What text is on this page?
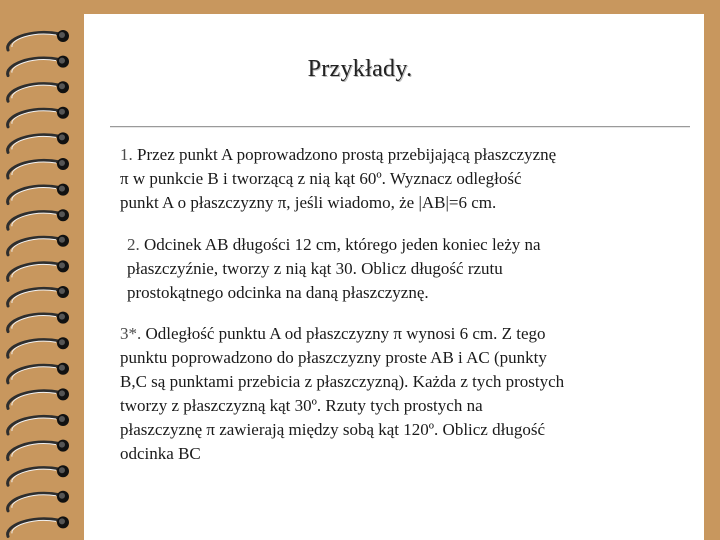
Przykłady.
1. Przez punkt A poprowadzono prostą przebijającą płaszczyznę
π w punkcie B i tworzącą z nią kąt 60º. Wyznacz odległość
punkt A o płaszczyzny π, jeśli wiadomo, że |AB|=6 cm.
2. Odcinek AB długości 12 cm, którego jeden koniec leży na
płaszczyźnie, tworzy z nią kąt 30. Oblicz długość rzutu
prostokątnego odcinka na daną płaszczyznę.
3*. Odległość punktu A od płaszczyzny π wynosi 6 cm. Z tego
punktu poprowadzono do płaszczyzny proste AB i AC (punkty
B,C są punktami przebicia z płaszczyzną). Każda z tych prostych
tworzy z płaszczyzną kąt 30º. Rzuty tych prostych na
płaszczyznę π zawierają między sobą kąt 120º. Oblicz długość
odcinka BC
